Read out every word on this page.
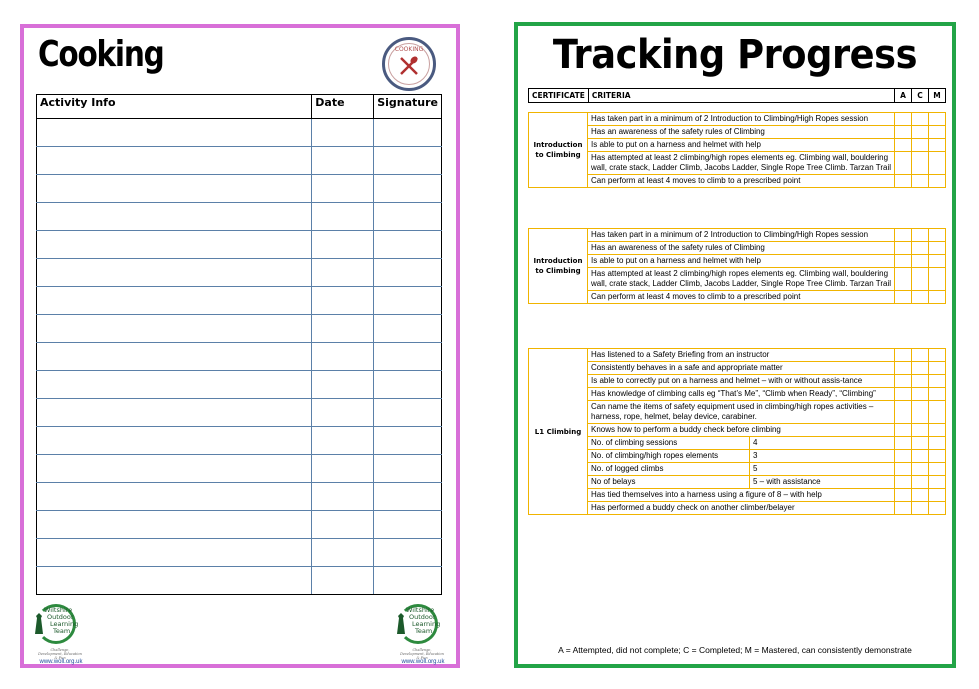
Cooking	COOKING
Activity Info	Date	Signature

Wiltshire
Outdoor
Learning
Team
Challenge, Development, Education & Fun
www.woll.org.uk
Wiltshire
Outdoor
Learning
Team
Challenge, Development, Education & Fun
www.woll.org.uk
Tracking Progress
CERTIFICATE	CRITERIA	A	C	M
Introduction to Climbing	Has taken part in a minimum of 2 Introduction to Climbing/High Ropes session			
	Has an awareness of the safety rules of Climbing			
	Is able to put on a harness and helmet with help			
	Has attempted at least 2 climbing/high ropes elements eg. Climbing wall, bouldering wall, crate stack, Ladder Climb, Jacobs Ladder, Single Rope Tree Climb. Tarzan Trail			
	Can perform at least 4 moves to climb to a prescribed point			
Introduction to Climbing	Has taken part in a minimum of 2 Introduction to Climbing/High Ropes session			
	Has an awareness of the safety rules of Climbing			
	Is able to put on a harness and helmet with help			
	Has attempted at least 2 climbing/high ropes elements eg. Climbing wall, bouldering wall, crate stack, Ladder Climb, Jacobs Ladder, Single Rope Tree Climb. Tarzan Trail			
	Can perform at least 4 moves to climb to a prescribed point			
L1 Climbing	Has listened to a Safety Briefing from an instructor				
	Consistently behaves in a safe and appropriate matter				
	Is able to correctly put on a harness and helmet – with or without assis-tance				
	Has knowledge of climbing calls eg “That’s Me”, “Climb when Ready”, “Climbing”				
	Can name the items of safety equipment used in climbing/high ropes activities – harness, rope, helmet, belay device, carabiner.				
	Knows how to perform a buddy check before climbing				
	No. of climbing sessions	4			
	No. of climbing/high ropes elements	3			
	No. of logged climbs	5			
	No of belays	5 – with assistance			
	Has tied themselves into a harness using a figure of 8 – with help				
	Has performed a buddy check on another climber/belayer				
A = Attempted, did not complete; C = Completed; M = Mastered, can consistently demonstrate
